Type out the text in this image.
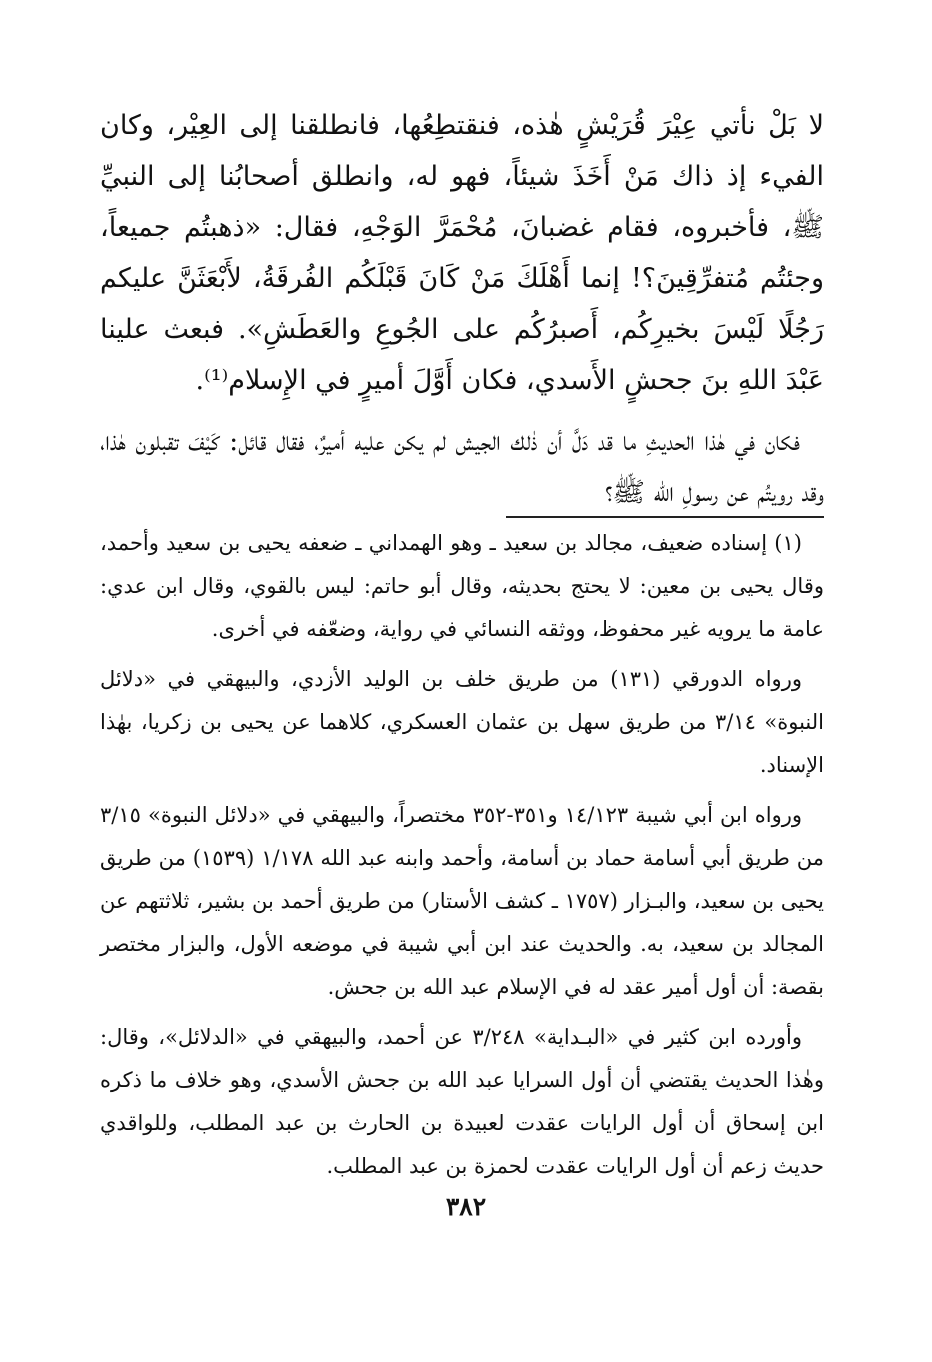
لا بَلْ نأتي عِيْرَ قُرَيْشٍ هٰذه، فنقتطِعُها، فانطلقنا إلى العِيْر، وكان الفيء إذ ذاك مَنْ أَخَذَ شيئاً، فهو له، وانطلق أصحابُنا إلى النبيِّ ﷺ، فأخبروه، فقام غضبانَ، مُحْمَرَّ الوَجْهِ، فقال: «ذهبتُم جميعاً، وجئتُم مُتفرِّقِينَ؟! إنما أَهْلَكَ مَنْ كَانَ قَبْلَكُم الفُرقَةُ، لأَبْعَثَنَّ عليكم رَجُلًا لَيْسَ بخيرِكُم، أَصبرُكُم على الجُوعِ والعَطَشِ». فبعث علينا عَبْدَ اللهِ بنَ جحشٍ الأَسدي، فكان أَوَّلَ أميرٍ في الإِسلام⁽¹⁾.

فكان في هٰذا الحديثِ ما قد دَلَّ أن ذٰلك الجيش لم يكن عليه أميرٌ، فقال قائل: كَيْفَ تقبلون هٰذا، وقد رويتُم عن رسولِ الله ﷺ؟

(١) إسناده ضعيف، مجالد بن سعيد ـ وهو الهمداني ـ ضعفه يحيى بن سعيد وأحمد، وقال يحيى بن معين: لا يحتج بحديثه، وقال أبو حاتم: ليس بالقوي، وقال ابن عدي: عامة ما يرويه غير محفوظ، ووثقه النسائي في رواية، وضعّفه في أخرى.

ورواه الدورقي (١٣١) من طريق خلف بن الوليد الأزدي، والبيهقي في «دلائل النبوة» ٣/١٤ من طريق سهل بن عثمان العسكري، كلاهما عن يحيى بن زكريا، بهٰذا الإسناد.

ورواه ابن أبي شيبة ١٤/١٢٣ و٣٥١-٣٥٢ مختصراً، والبيهقي في «دلائل النبوة» ٣/١٥ من طريق أبي أسامة حماد بن أسامة، وأحمد وابنه عبد الله ١/١٧٨ (١٥٣٩) من طريق يحيى بن سعيد، والبـزار (١٧٥٧ ـ كشف الأستار) من طريق أحمد بن بشير، ثلاثتهم عن المجالد بن سعيد، به. والحديث عند ابن أبي شيبة في موضعه الأول، والبزار مختصر بقصة: أن أول أمير عقد له في الإسلام عبد الله بن جحش.

وأورده ابن كثير في «البـداية» ٣/٢٤٨ عن أحمد، والبيهقي في «الدلائل»، وقال: وهٰذا الحديث يقتضي أن أول السرايا عبد الله بن جحش الأسدي، وهو خلاف ما ذكره ابن إسحاق أن أول الرايات عقدت لعبيدة بن الحارث بن عبد المطلب، وللواقدي حديث زعم أن أول الرايات عقدت لحمزة بن عبد المطلب.

٣٨٢
